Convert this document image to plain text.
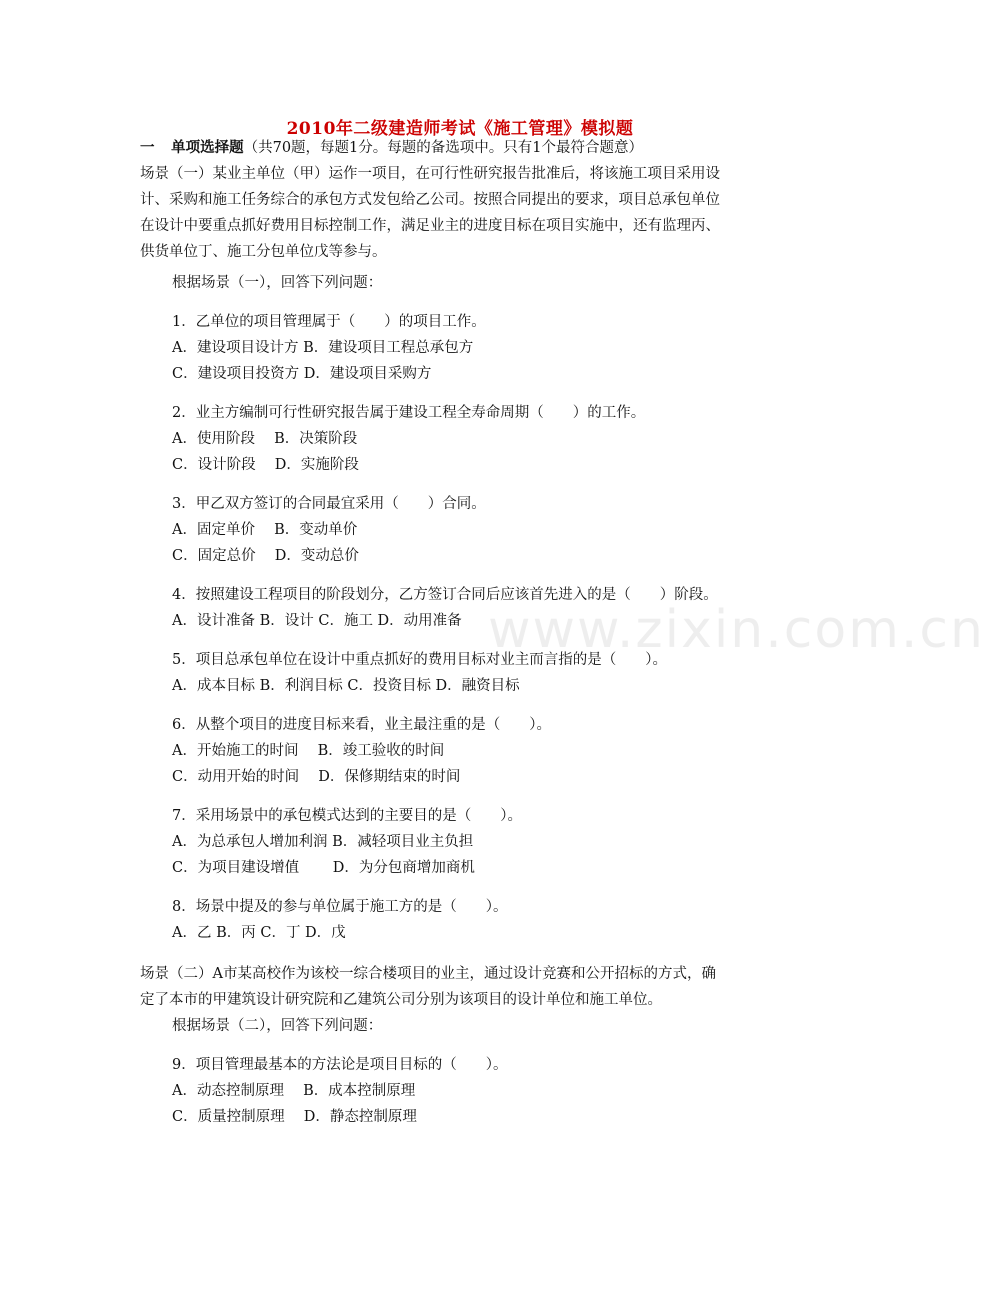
2010年二级建造师考试《施工管理》模拟题
一 单项选择题（共70题，每题1分。每题的备选项中。只有1个最符合题意）
场景（一）某业主单位（甲）运作一项目，在可行性研究报告批准后，将该施工项目采用设
计、采购和施工任务综合的承包方式发包给乙公司。按照合同提出的要求，项目总承包单位
在设计中要重点抓好费用目标控制工作，满足业主的进度目标在项目实施中，还有监理丙、
供货单位丁、施工分包单位戊等参与。
根据场景（一），回答下列问题：
1．乙单位的项目管理属于（　　）的项目工作。
A．建设项目设计方 B．建设项目工程总承包方
C．建设项目投资方 D．建设项目采购方
2．业主方编制可行性研究报告属于建设工程全寿命周期（　　）的工作。
A．使用阶段　 B．决策阶段
C．设计阶段　 D．实施阶段
3．甲乙双方签订的合同最宜采用（　　）合同。
A．固定单价　 B．变动单价
C．固定总价　 D．变动总价
4．按照建设工程项目的阶段划分，乙方签订合同后应该首先进入的是（　　）阶段。
A．设计准备 B．设计 C．施工 D．动用准备
5．项目总承包单位在设计中重点抓好的费用目标对业主而言指的是（　　）。
A．成本目标 B．利润目标 C．投资目标 D．融资目标
6．从整个项目的进度目标来看，业主最注重的是（　　）。
A．开始施工的时间　 B．竣工验收的时间
C．动用开始的时间　 D．保修期结束的时间
7．采用场景中的承包模式达到的主要目的是（　　）。
A．为总承包人增加利润 B．减轻项目业主负担
C．为项目建设增值　　 D．为分包商增加商机
8．场景中提及的参与单位属于施工方的是（　　）。
A．乙 B．丙 C．丁 D．戊
场景（二）A市某高校作为该校一综合楼项目的业主，通过设计竞赛和公开招标的方式，确
定了本市的甲建筑设计研究院和乙建筑公司分别为该项目的设计单位和施工单位。
根据场景（二），回答下列问题：
9．项目管理最基本的方法论是项目目标的（　　）。
A．动态控制原理　 B．成本控制原理
C．质量控制原理　 D．静态控制原理
www.zixin.com.cn
